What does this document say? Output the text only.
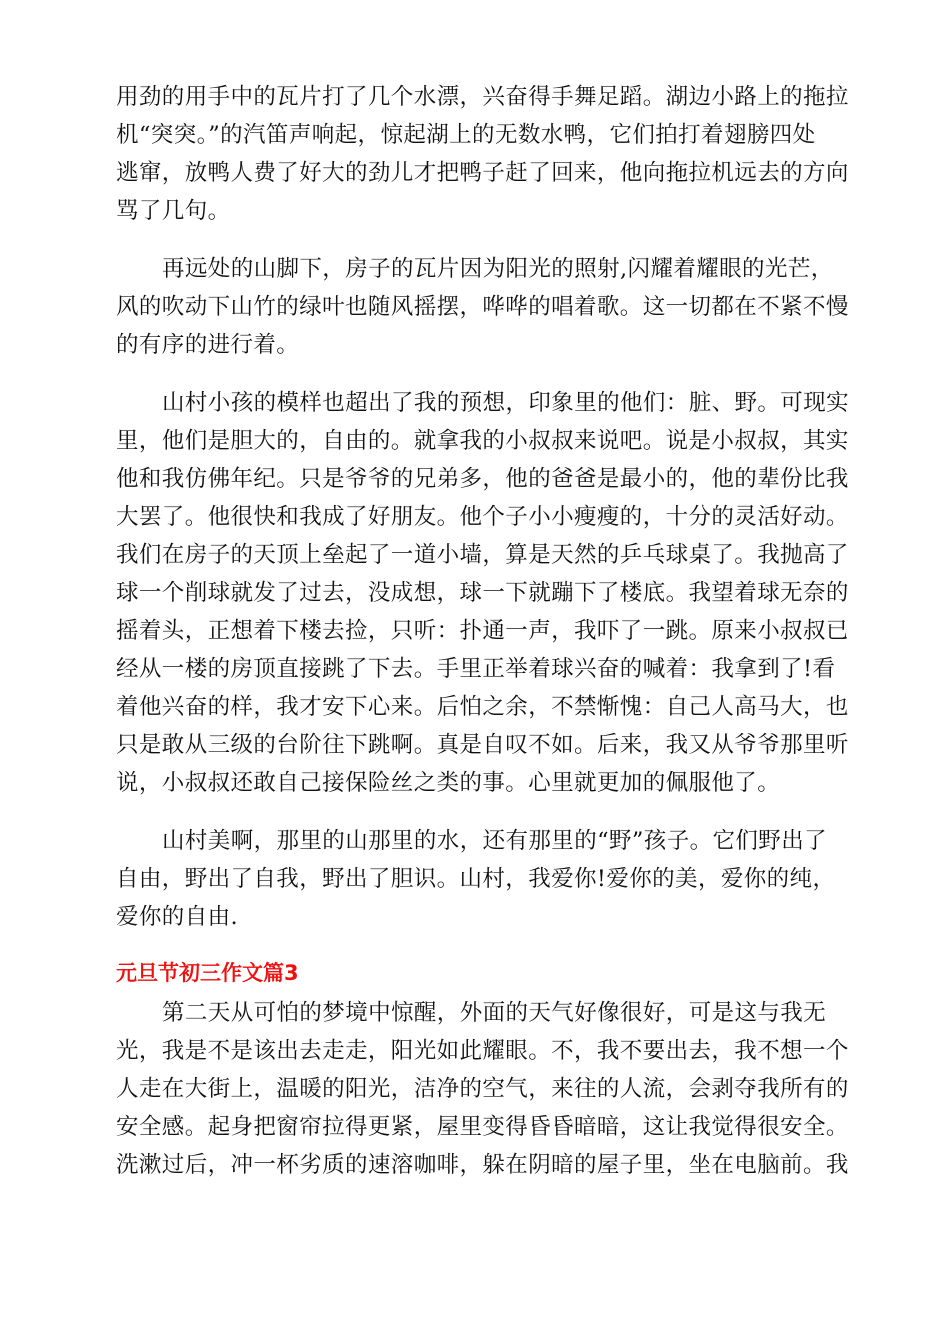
用劲的用手中的瓦片打了几个水漂，兴奋得手舞足蹈。湖边小路上的拖拉
机“突突。”的汽笛声响起，惊起湖上的无数水鸭，它们拍打着翅膀四处
逃窜，放鸭人费了好大的劲儿才把鸭子赶了回来，他向拖拉机远去的方向
骂了几句。
再远处的山脚下，房子的瓦片因为阳光的照射,闪耀着耀眼的光芒，
风的吹动下山竹的绿叶也随风摇摆，哗哗的唱着歌。这一切都在不紧不慢
的有序的进行着。
山村小孩的模样也超出了我的预想，印象里的他们：脏、野。可现实
里，他们是胆大的，自由的。就拿我的小叔叔来说吧。说是小叔叔，其实
他和我仿佛年纪。只是爷爷的兄弟多，他的爸爸是最小的，他的辈份比我
大罢了。他很快和我成了好朋友。他个子小小瘦瘦的，十分的灵活好动。
我们在房子的天顶上垒起了一道小墙，算是天然的乒乓球桌了。我抛高了
球一个削球就发了过去，没成想，球一下就蹦下了楼底。我望着球无奈的
摇着头，正想着下楼去捡，只听：扑通一声，我吓了一跳。原来小叔叔已
经从一楼的房顶直接跳了下去。手里正举着球兴奋的喊着：我拿到了!看
着他兴奋的样，我才安下心来。后怕之余，不禁惭愧：自己人高马大，也
只是敢从三级的台阶往下跳啊。真是自叹不如。后来，我又从爷爷那里听
说，小叔叔还敢自己接保险丝之类的事。心里就更加的佩服他了。
山村美啊，那里的山那里的水，还有那里的“野”孩子。它们野出了
自由，野出了自我，野出了胆识。山村，我爱你!爱你的美，爱你的纯，
爱你的自由.
元旦节初三作文篇3
第二天从可怕的梦境中惊醒，外面的天气好像很好，可是这与我无
光，我是不是该出去走走，阳光如此耀眼。不，我不要出去，我不想一个
人走在大街上，温暖的阳光，洁净的空气，来往的人流，会剥夺我所有的
安全感。起身把窗帘拉得更紧，屋里变得昏昏暗暗，这让我觉得很安全。
洗漱过后，冲一杯劣质的速溶咖啡，躲在阴暗的屋子里，坐在电脑前。我
